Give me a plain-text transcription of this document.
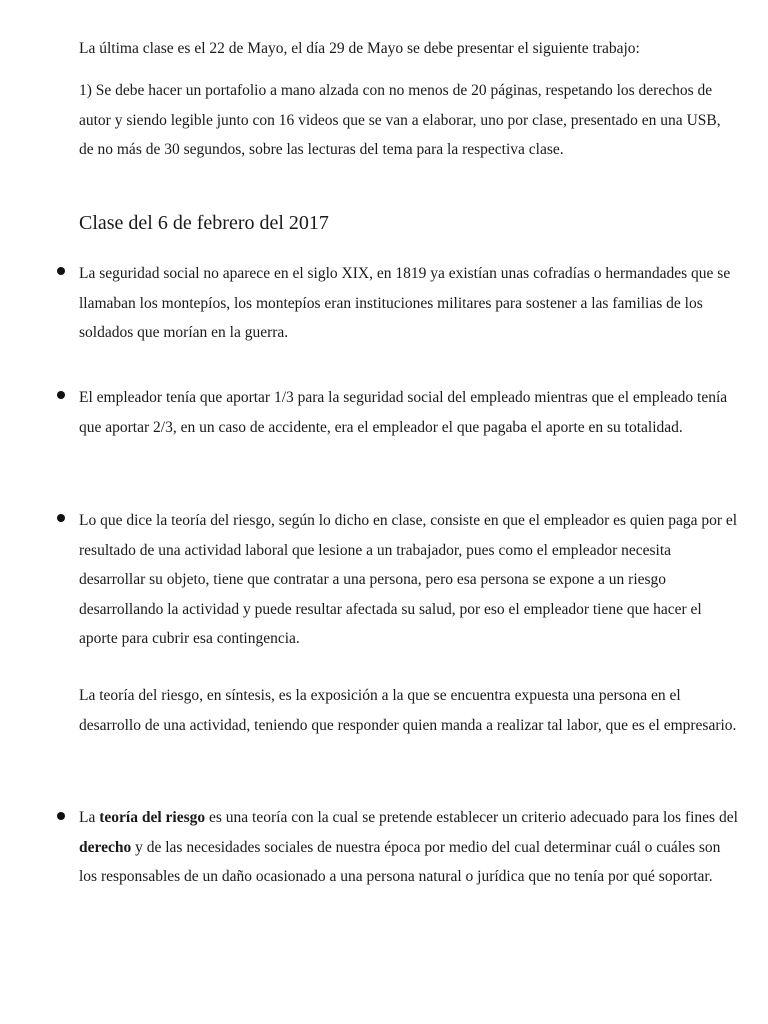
La última clase es el 22 de Mayo, el día 29 de Mayo se debe presentar el siguiente trabajo:

1) Se debe hacer un portafolio a mano alzada con no menos de 20 páginas, respetando los derechos de autor y siendo legible junto con 16 videos que se van a elaborar, uno por clase, presentado en una USB, de no más de 30 segundos, sobre las lecturas del tema para la respectiva clase.

Clase del 6 de febrero del 2017

La seguridad social no aparece en el siglo XIX, en 1819 ya existían unas cofradías o hermandades que se llamaban los montepíos, los montepíos eran instituciones militares para sostener a las familias de los soldados que morían en la guerra.

El empleador tenía que aportar 1/3 para la seguridad social del empleado mientras que el empleado tenía que aportar 2/3, en un caso de accidente, era el empleador el que pagaba el aporte en su totalidad.

Lo que dice la teoría del riesgo, según lo dicho en clase, consiste en que el empleador es quien paga por el resultado de una actividad laboral que lesione a un trabajador, pues como el empleador necesita desarrollar su objeto, tiene que contratar a una persona, pero esa persona se expone a un riesgo desarrollando la actividad y puede resultar afectada su salud, por eso el empleador tiene que hacer el aporte para cubrir esa contingencia.

La teoría del riesgo, en síntesis, es la exposición a la que se encuentra expuesta una persona en el desarrollo de una actividad, teniendo que responder quien manda a realizar tal labor, que es el empresario.

La teoría del riesgo es una teoría con la cual se pretende establecer un criterio adecuado para los fines del derecho y de las necesidades sociales de nuestra época por medio del cual determinar cuál o cuáles son los responsables de un daño ocasionado a una persona natural o jurídica que no tenía por qué soportar.
